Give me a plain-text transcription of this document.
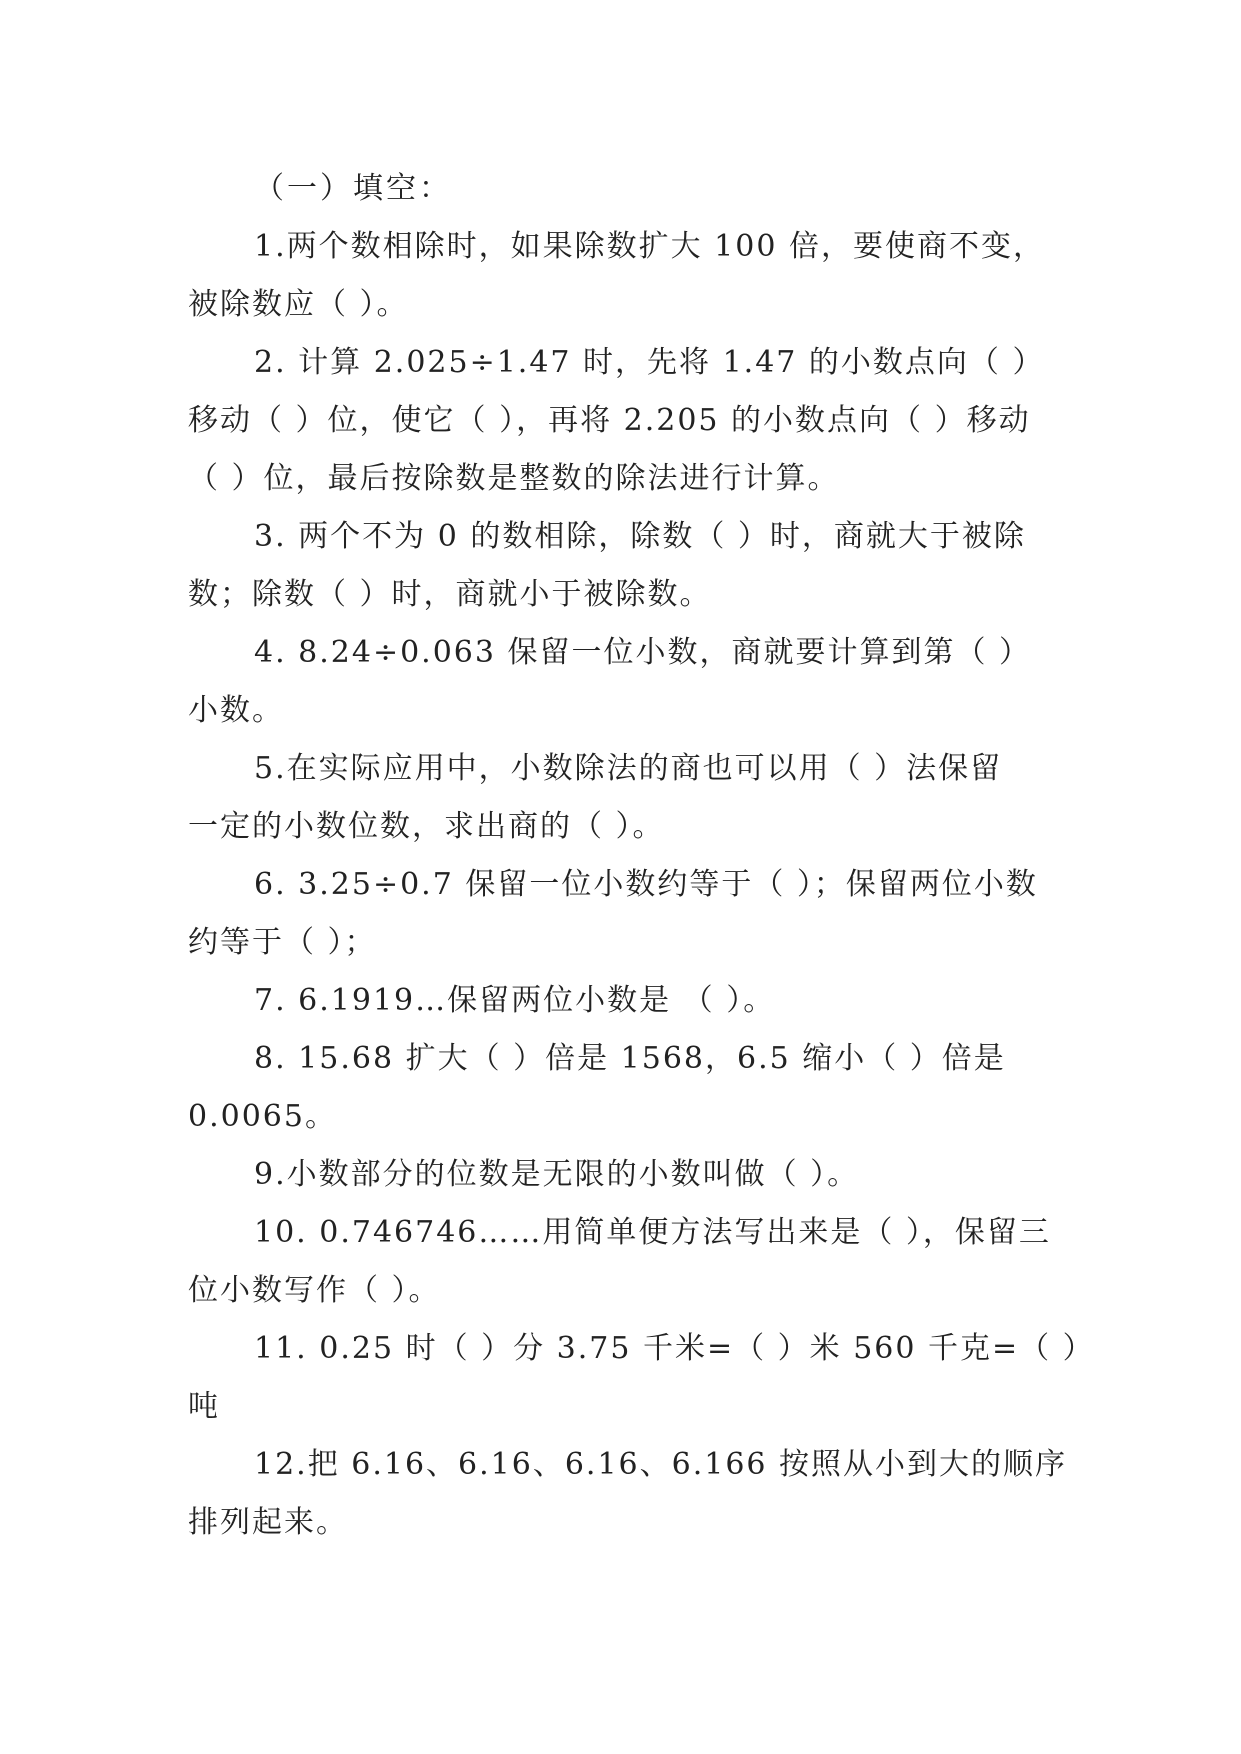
（一）填空：
1.两个数相除时，如果除数扩大 100 倍，要使商不变，
被除数应（ ）。
2. 计算 2.025÷1.47 时，先将 1.47 的小数点向（ ）
移动（ ）位，使它（ ），再将 2.205 的小数点向（ ）移动
（ ）位，最后按除数是整数的除法进行计算。
3. 两个不为 0 的数相除，除数（ ）时，商就大于被除
数；除数（ ）时，商就小于被除数。
4. 8.24÷0.063 保留一位小数，商就要计算到第（ ）
小数。
5.在实际应用中，小数除法的商也可以用（ ）法保留
一定的小数位数，求出商的（ ）。
6. 3.25÷0.7 保留一位小数约等于（ ）；保留两位小数
约等于（ ）；
7. 6.1919…保留两位小数是 （ ）。
8. 15.68 扩大（ ）倍是 1568，6.5 缩小（ ）倍是
0.0065。
9.小数部分的位数是无限的小数叫做（ ）。
10. 0.746746……用简单便方法写出来是（ ），保留三
位小数写作（ ）。
11. 0.25 时（ ）分 3.75 千米=（ ）米 560 千克=（ ）
吨
12.把 6.16、6.16、6.16、6.166 按照从小到大的顺序
排列起来。
